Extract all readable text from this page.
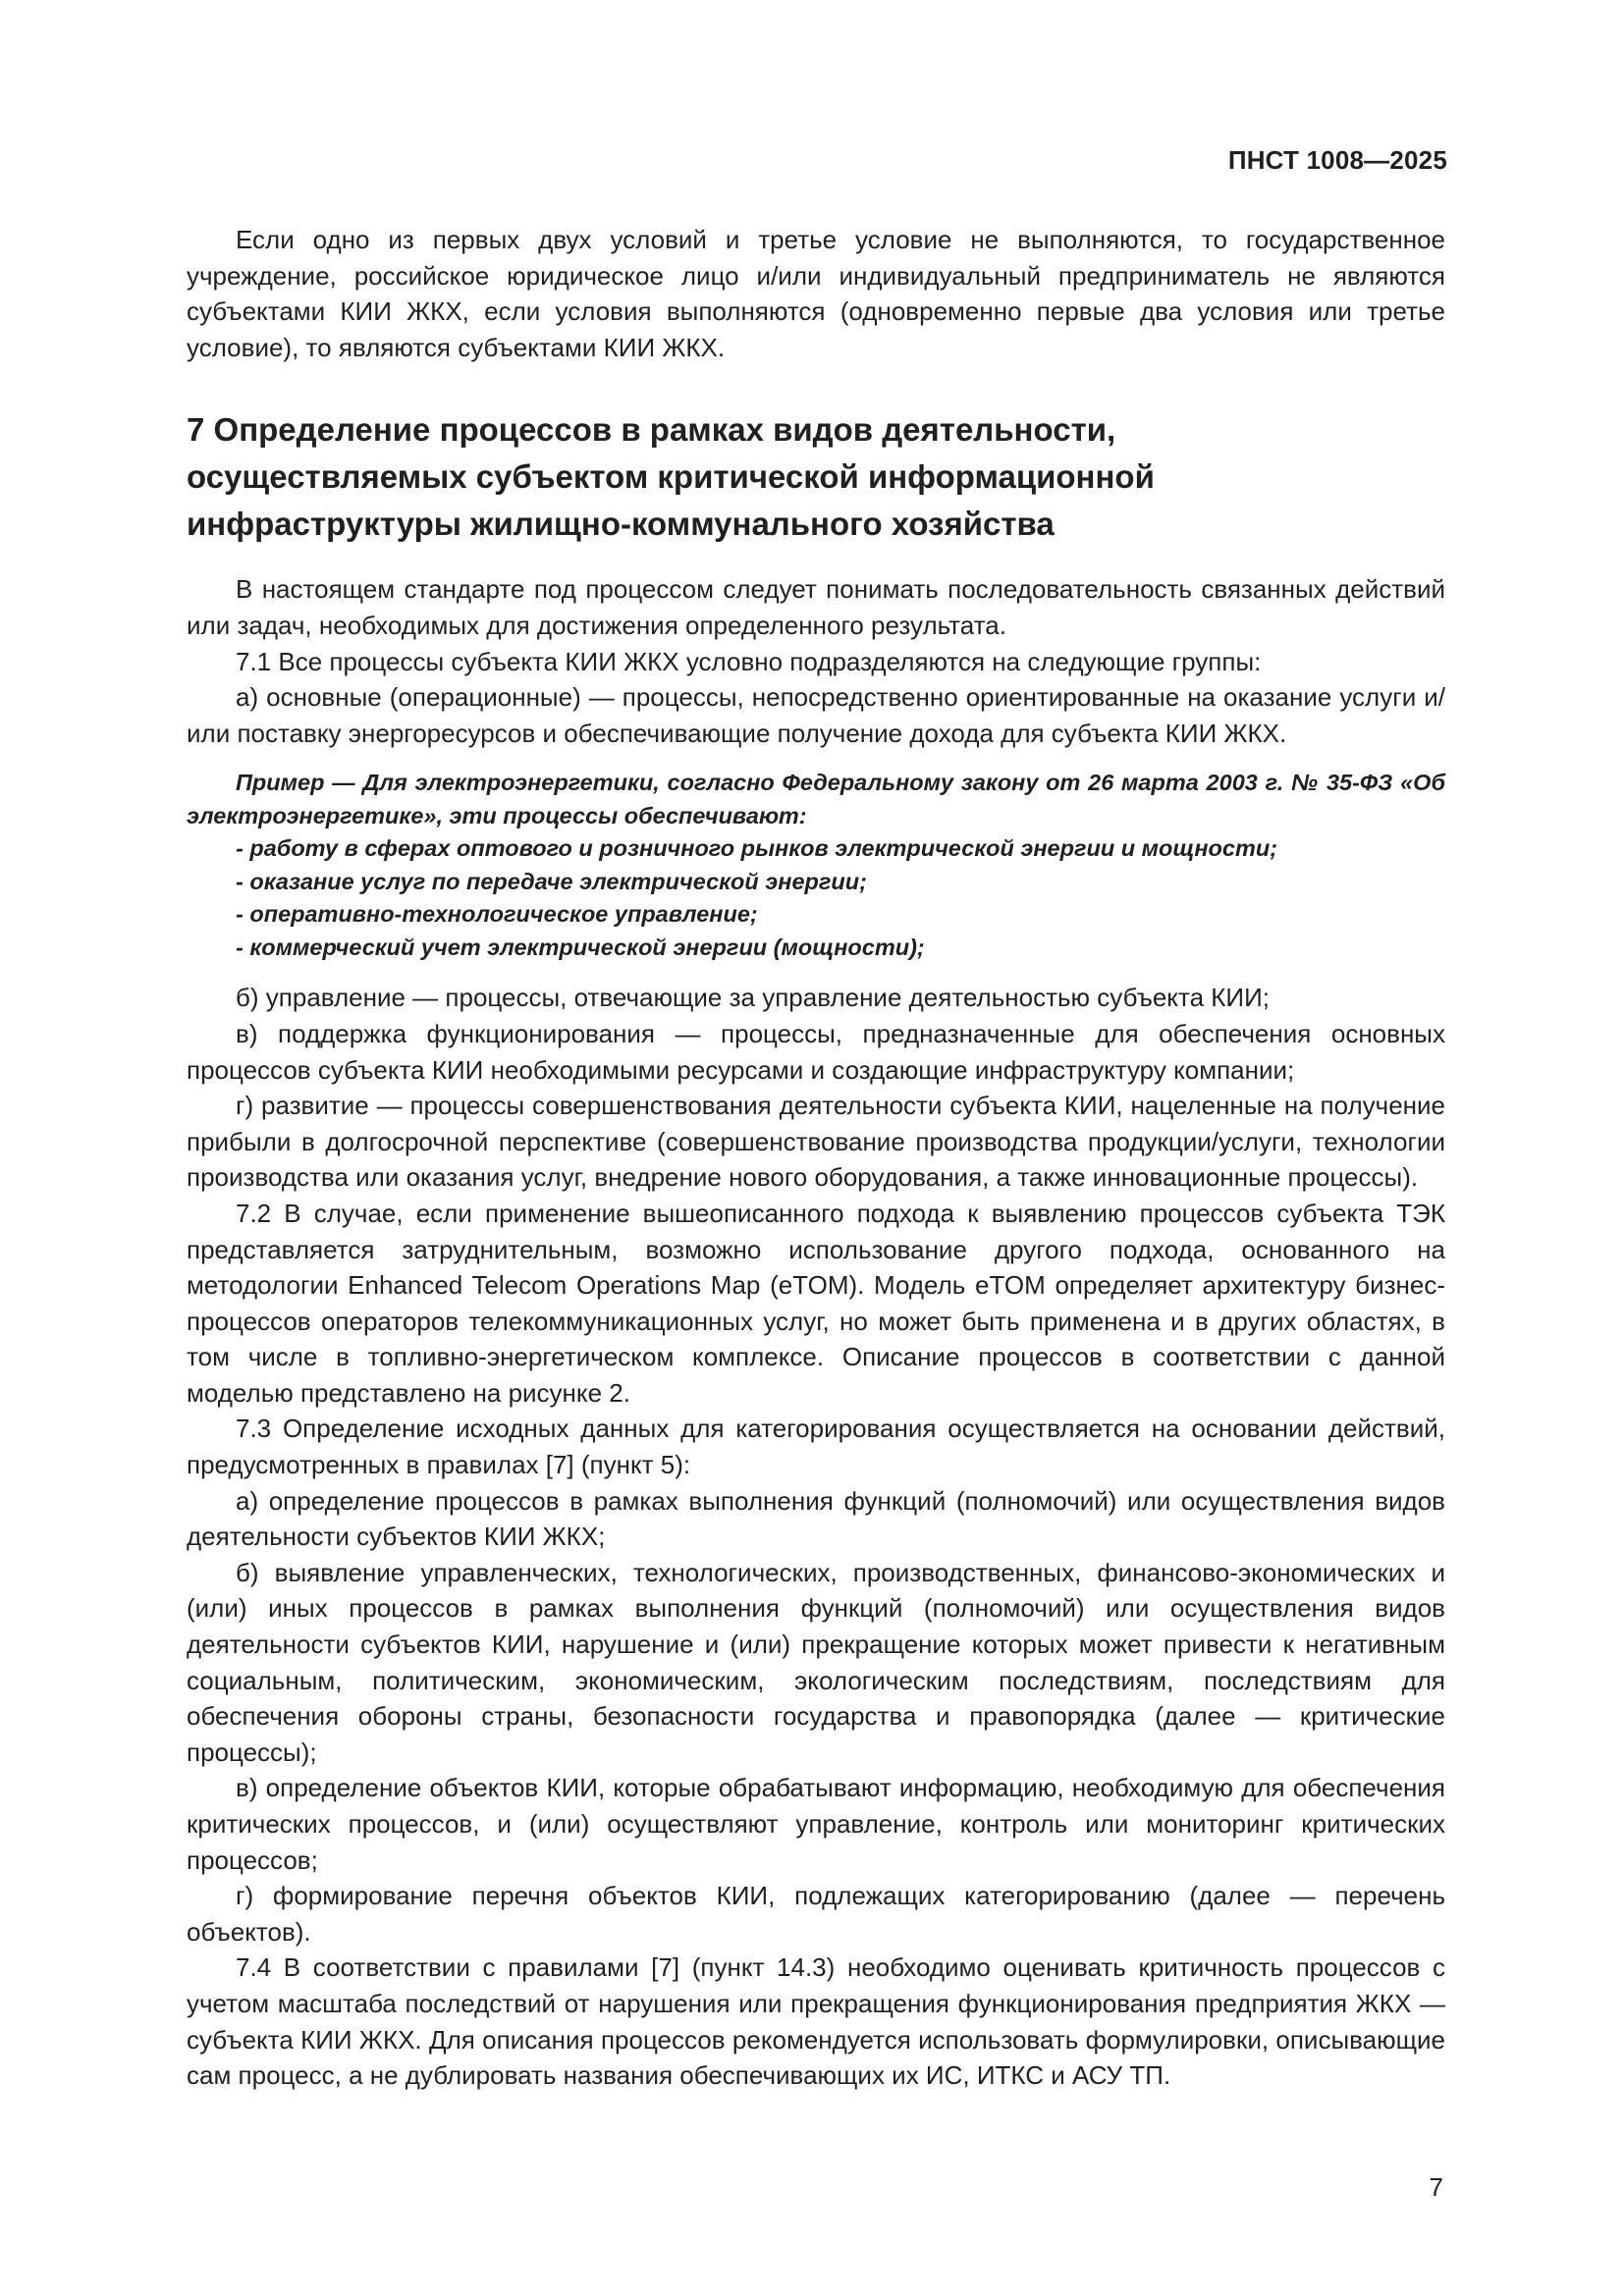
ПНСТ 1008—2025

Если одно из первых двух условий и третье условие не выполняются, то государственное учреждение, российское юридическое лицо и/или индивидуальный предприниматель не являются субъектами КИИ ЖКХ, если условия выполняются (одновременно первые два условия или третье условие), то являются субъектами КИИ ЖКХ.

7 Определение процессов в рамках видов деятельности,
осуществляемых субъектом критической информационной
инфраструктуры жилищно-коммунального хозяйства

В настоящем стандарте под процессом следует понимать последовательность связанных действий или задач, необходимых для достижения определенного результата.

7.1 Все процессы субъекта КИИ ЖКХ условно подразделяются на следующие группы:

а) основные (операционные) — процессы, непосредственно ориентированные на оказание услуги и/или поставку энергоресурсов и обеспечивающие получение дохода для субъекта КИИ ЖКХ.

Пример — Для электроэнергетики, согласно Федеральному закону от 26 марта 2003 г. № 35-ФЗ «Об электроэнергетике», эти процессы обеспечивают:

- работу в сферах оптового и розничного рынков электрической энергии и мощности;

- оказание услуг по передаче электрической энергии;

- оперативно-технологическое управление;

- коммерческий учет электрической энергии (мощности);

б) управление — процессы, отвечающие за управление деятельностью субъекта КИИ;

в) поддержка функционирования — процессы, предназначенные для обеспечения основных процессов субъекта КИИ необходимыми ресурсами и создающие инфраструктуру компании;

г) развитие — процессы совершенствования деятельности субъекта КИИ, нацеленные на получение прибыли в долгосрочной перспективе (совершенствование производства продукции/услуги, технологии производства или оказания услуг, внедрение нового оборудования, а также инновационные процессы).

7.2 В случае, если применение вышеописанного подхода к выявлению процессов субъекта ТЭК представляется затруднительным, возможно использование другого подхода, основанного на методологии Enhanced Telecom Operations Map (eTOM). Модель eTOM определяет архитектуру бизнес-процессов операторов телекоммуникационных услуг, но может быть применена и в других областях, в том числе в топливно-энергетическом комплексе. Описание процессов в соответствии с данной моделью представлено на рисунке 2.

7.3 Определение исходных данных для категорирования осуществляется на основании действий, предусмотренных в правилах [7] (пункт 5):

а) определение процессов в рамках выполнения функций (полномочий) или осуществления видов деятельности субъектов КИИ ЖКХ;

б) выявление управленческих, технологических, производственных, финансово-экономических и (или) иных процессов в рамках выполнения функций (полномочий) или осуществления видов деятельности субъектов КИИ, нарушение и (или) прекращение которых может привести к негативным социальным, политическим, экономическим, экологическим последствиям, последствиям для обеспечения обороны страны, безопасности государства и правопорядка (далее — критические процессы);

в) определение объектов КИИ, которые обрабатывают информацию, необходимую для обеспечения критических процессов, и (или) осуществляют управление, контроль или мониторинг критических процессов;

г) формирование перечня объектов КИИ, подлежащих категорированию (далее — перечень объектов).

7.4 В соответствии с правилами [7] (пункт 14.3) необходимо оценивать критичность процессов с учетом масштаба последствий от нарушения или прекращения функционирования предприятия ЖКХ — субъекта КИИ ЖКХ. Для описания процессов рекомендуется использовать формулировки, описывающие сам процесс, а не дублировать названия обеспечивающих их ИС, ИТКС и АСУ ТП.

7
